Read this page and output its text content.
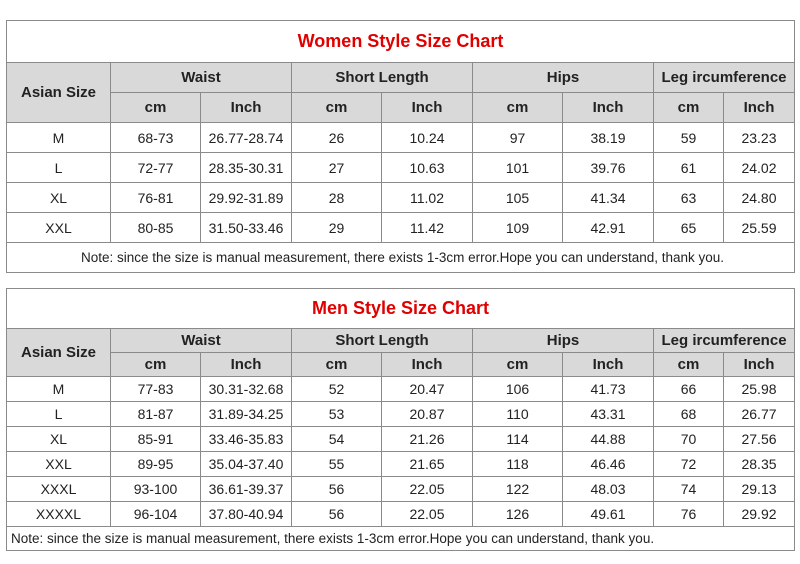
Women Style Size Chart								
Asian Size	Waist		Short Length		Hips		Leg ircumference	
	cm	Inch	cm	Inch	cm	Inch	cm	Inch
M	68-73	26.77-28.74	26	10.24	97	38.19	59	23.23
L	72-77	28.35-30.31	27	10.63	101	39.76	61	24.02
XL	76-81	29.92-31.89	28	11.02	105	41.34	63	24.80
XXL	80-85	31.50-33.46	29	11.42	109	42.91	65	25.59
Note: since the size is manual measurement, there exists 1-3cm error.Hope you can understand, thank you.								
Men Style Size Chart								
Asian Size	Waist		Short Length		Hips		Leg ircumference	
	cm	Inch	cm	Inch	cm	Inch	cm	Inch
M	77-83	30.31-32.68	52	20.47	106	41.73	66	25.98
L	81-87	31.89-34.25	53	20.87	110	43.31	68	26.77
XL	85-91	33.46-35.83	54	21.26	114	44.88	70	27.56
XXL	89-95	35.04-37.40	55	21.65	118	46.46	72	28.35
XXXL	93-100	36.61-39.37	56	22.05	122	48.03	74	29.13
XXXXL	96-104	37.80-40.94	56	22.05	126	49.61	76	29.92
Note: since the size is manual measurement, there exists 1-3cm error.Hope you can understand, thank you.								
